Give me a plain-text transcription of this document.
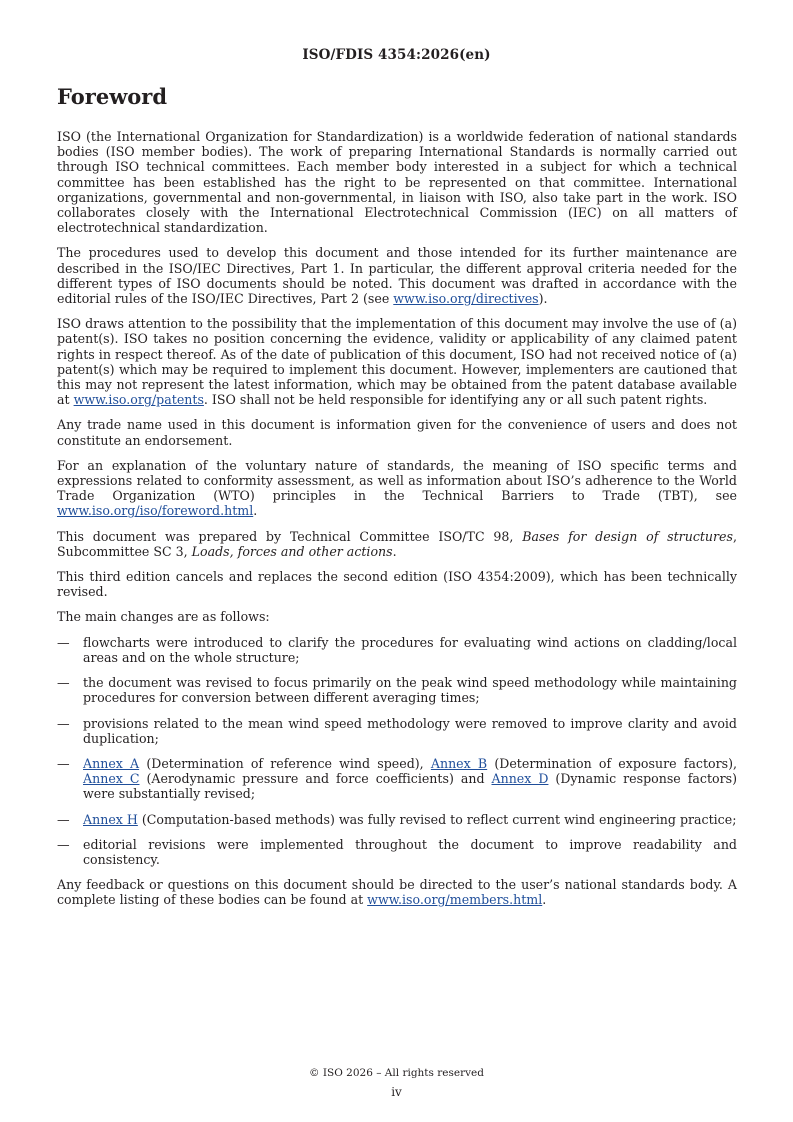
ISO/FDIS 4354:2026(en)
Foreword

ISO (the International Organization for Standardization) is a worldwide federation of national standards bodies (ISO member bodies). The work of preparing International Standards is normally carried out through ISO technical committees. Each member body interested in a subject for which a technical committee has been established has the right to be represented on that committee. International organizations, governmental and non-governmental, in liaison with ISO, also take part in the work. ISO collaborates closely with the International Electrotechnical Commission (IEC) on all matters of electrotechnical standardization.

The procedures used to develop this document and those intended for its further maintenance are described in the ISO/IEC Directives, Part 1. In particular, the different approval criteria needed for the different types of ISO documents should be noted. This document was drafted in accordance with the editorial rules of the ISO/IEC Directives, Part 2 (see www.iso.org/directives).

ISO draws attention to the possibility that the implementation of this document may involve the use of (a) patent(s). ISO takes no position concerning the evidence, validity or applicability of any claimed patent rights in respect thereof. As of the date of publication of this document, ISO had not received notice of (a) patent(s) which may be required to implement this document. However, implementers are cautioned that this may not represent the latest information, which may be obtained from the patent database available at www.iso.org/patents. ISO shall not be held responsible for identifying any or all such patent rights.

Any trade name used in this document is information given for the convenience of users and does not constitute an endorsement.

For an explanation of the voluntary nature of standards, the meaning of ISO specific terms and expressions related to conformity assessment, as well as information about ISO’s adherence to the World Trade Organization (WTO) principles in the Technical Barriers to Trade (TBT), see www.iso.org/iso/foreword.html.

This document was prepared by Technical Committee ISO/TC 98, Bases for design of structures, Subcommittee SC 3, Loads, forces and other actions.

This third edition cancels and replaces the second edition (ISO 4354:2009), which has been technically revised.

The main changes are as follows:

— flowcharts were introduced to clarify the procedures for evaluating wind actions on cladding/local areas and on the whole structure;
— the document was revised to focus primarily on the peak wind speed methodology while maintaining procedures for conversion between different averaging times;
— provisions related to the mean wind speed methodology were removed to improve clarity and avoid duplication;
— Annex A (Determination of reference wind speed), Annex B (Determination of exposure factors), Annex C (Aerodynamic pressure and force coefficients) and Annex D (Dynamic response factors) were substantially revised;
— Annex H (Computation-based methods) was fully revised to reflect current wind engineering practice;
— editorial revisions were implemented throughout the document to improve readability and consistency.

Any feedback or questions on this document should be directed to the user’s national standards body. A complete listing of these bodies can be found at www.iso.org/members.html.

© ISO 2026 – All rights reserved
iv
